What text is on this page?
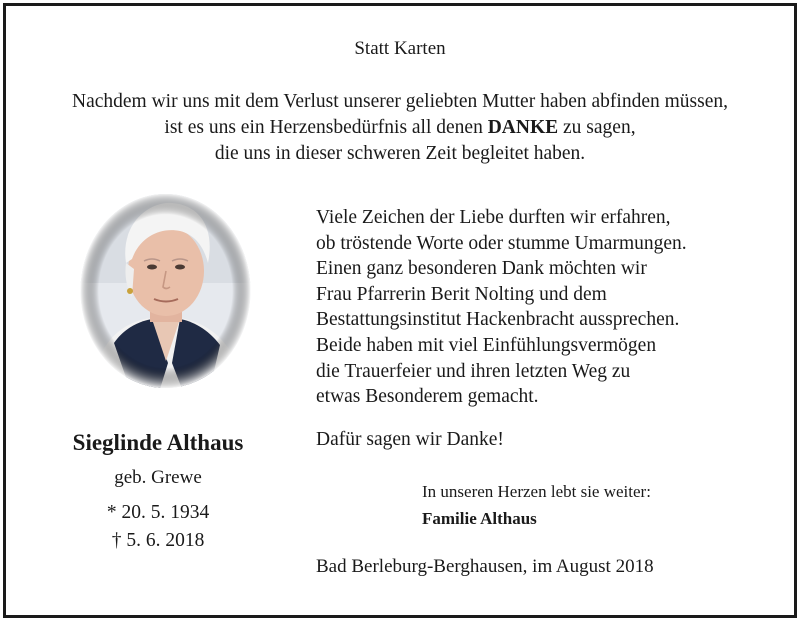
Statt Karten
Nachdem wir uns mit dem Verlust unserer geliebten Mutter haben abfinden müssen,
ist es uns ein Herzensbedürfnis all denen DANKE zu sagen,
die uns in dieser schweren Zeit begleitet haben.
Viele Zeichen der Liebe durften wir erfahren,
ob tröstende Worte oder stumme Umarmungen.
Einen ganz besonderen Dank möchten wir
Frau Pfarrerin Berit Nolting und dem
Bestattungsinstitut Hackenbracht aussprechen.
Beide haben mit viel Einfühlungsvermögen
die Trauerfeier und ihren letzten Weg zu
etwas Besonderem gemacht.
Dafür sagen wir Danke!
In unseren Herzen lebt sie weiter:
Familie Althaus
Bad Berleburg-Berghausen, im August 2018
Sieglinde Althaus
geb. Grewe
* 20. 5. 1934
† 5. 6. 2018
